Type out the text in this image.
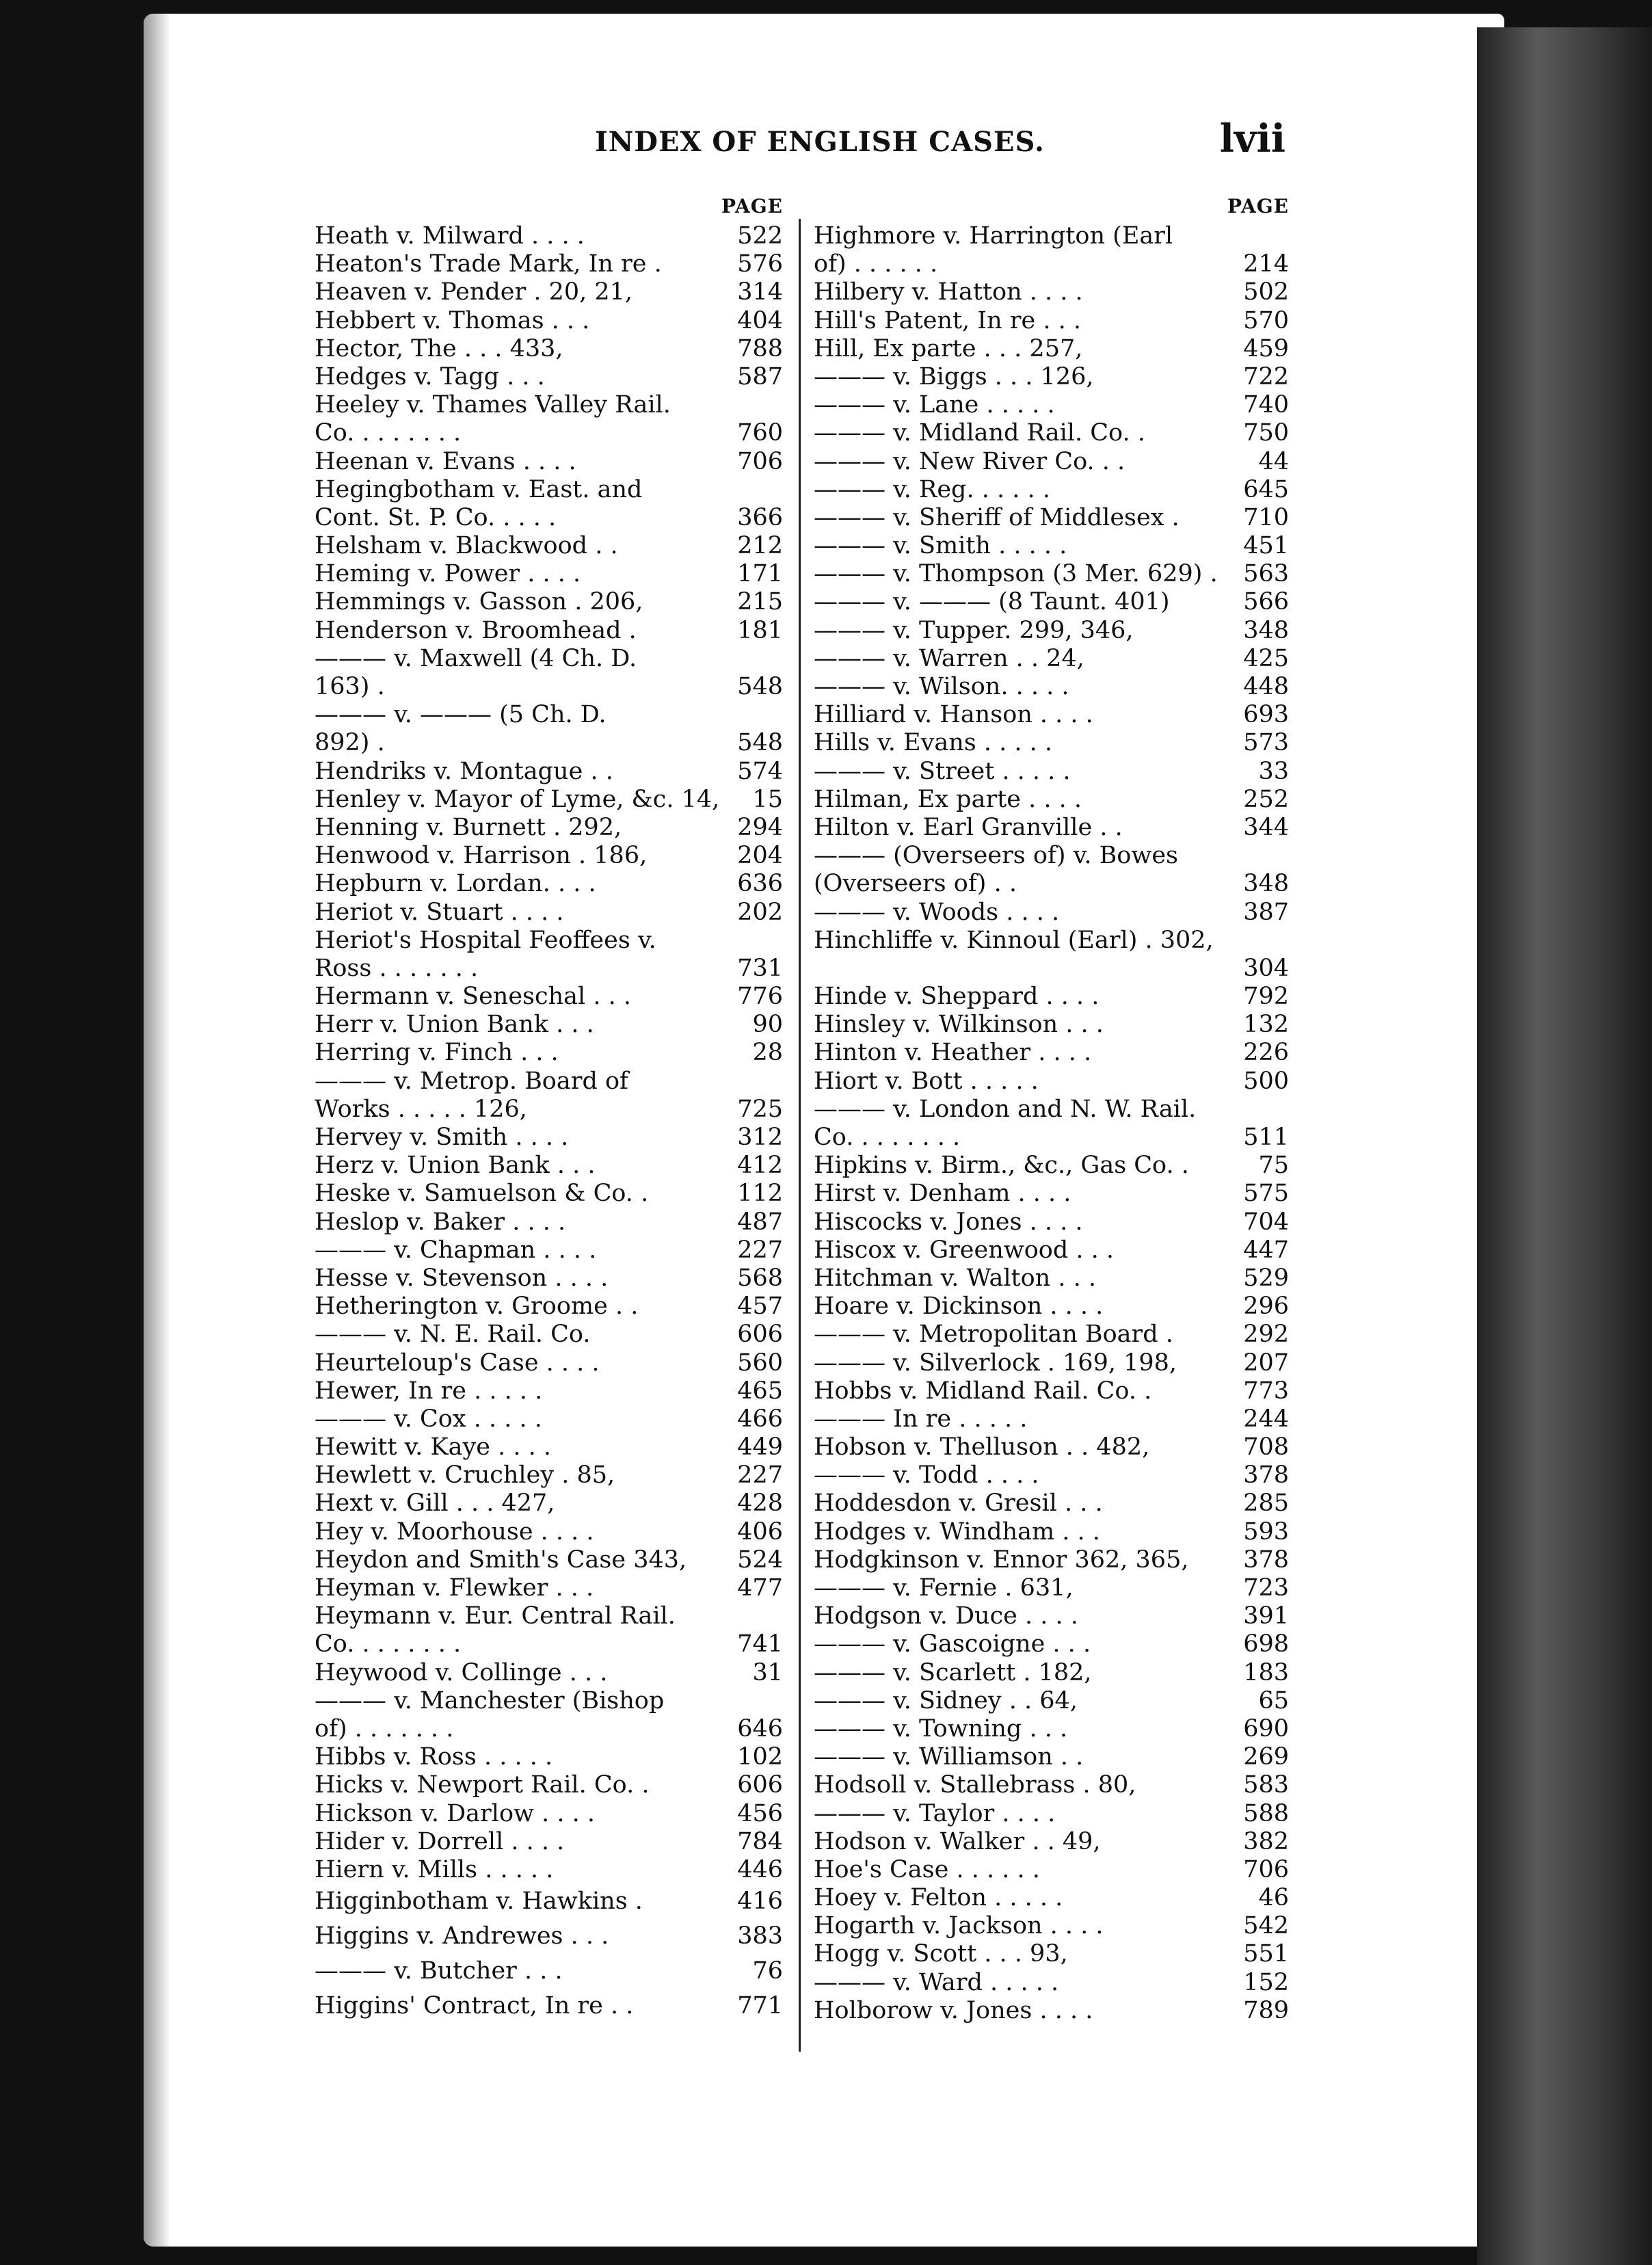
INDEX OF ENGLISH CASES.	lvii
PAGE
Heath v. Milward . . . .	522
Heaton's Trade Mark, In re .	576
Heaven v. Pender . 20, 21,	314
Hebbert v. Thomas . . .	404
Hector, The . . . 433,	788
Hedges v. Tagg . . .	587
Heeley v. Thames Valley Rail.
Co. . . . . . . .	760
Heenan v. Evans . . . .	706
Hegingbotham v. East. and
Cont. St. P. Co. . . . .	366
Helsham v. Blackwood . .	212
Heming v. Power . . . .	171
Hemmings v. Gasson . 206,	215
Henderson v. Broomhead .	181
——— v. Maxwell (4 Ch. D.
163) .	548
——— v. ——— (5 Ch. D.
892) .	548
Hendriks v. Montague . .	574
Henley v. Mayor of Lyme, &c. 14, 15
Henning v. Burnett . 292,	294
Henwood v. Harrison . 186,	204
Hepburn v. Lordan. . . .	636
Heriot v. Stuart . . . .	202
Heriot's Hospital Feoffees v.
Ross . . . . . . .	731
Hermann v. Seneschal . . .	776
Herr v. Union Bank . . .	90
Herring v. Finch . . .	28
——— v. Metrop. Board of
Works . . . . . 126,	725
Hervey v. Smith . . . .	312
Herz v. Union Bank . . .	412
Heske v. Samuelson & Co. .	112
Heslop v. Baker . . . .	487
——— v. Chapman . . . .	227
Hesse v. Stevenson . . . .	568
Hetherington v. Groome . .	457
——— v. N. E. Rail. Co.	606
Heurteloup's Case . . . .	560
Hewer, In re . . . . .	465
——— v. Cox . . . . .	466
Hewitt v. Kaye . . . .	449
Hewlett v. Cruchley . 85,	227
Hext v. Gill . . . 427,	428
Hey v. Moorhouse . . . .	406
Heydon and Smith's Case 343, 524
Heyman v. Flewker . . .	477
Heymann v. Eur. Central Rail.
Co. . . . . . . .	741
Heywood v. Collinge . . .	31
——— v. Manchester (Bishop
of) . . . . . . .	646
Hibbs v. Ross . . . . .	102
Hicks v. Newport Rail. Co. .	606
Hickson v. Darlow . . . .	456
Hider v. Dorrell . . . .	784
Hiern v. Mills . . . . .	446
Higginbotham v. Hawkins .	416
Higgins v. Andrewes . . .	383
——— v. Butcher . . .	76
Higgins' Contract, In re . .	771
PAGE
Highmore v. Harrington (Earl
of) . . . . . .	214
Hilbery v. Hatton . . . .	502
Hill's Patent, In re . . .	570
Hill, Ex parte . . . 257,	459
——— v. Biggs . . . 126,	722
——— v. Lane . . . . .	740
——— v. Midland Rail. Co. .	750
——— v. New River Co. . .	44
——— v. Reg. . . . . .	645
——— v. Sheriff of Middlesex .	710
——— v. Smith . . . . .	451
——— v. Thompson (3 Mer. 629) . 563
——— v. ——— (8 Taunt. 401)	566
——— v. Tupper. 299, 346,	348
——— v. Warren . . 24,	425
——— v. Wilson. . . . .	448
Hilliard v. Hanson . . . .	693
Hills v. Evans . . . . .	573
——— v. Street . . . . .	33
Hilman, Ex parte . . . .	252
Hilton v. Earl Granville . .	344
——— (Overseers of) v. Bowes
(Overseers of) . .	348
——— v. Woods . . . .	387
Hinchliffe v. Kinnoul (Earl) . 302,
304
Hinde v. Sheppard . . . .	792
Hinsley v. Wilkinson . . .	132
Hinton v. Heather . . . .	226
Hiort v. Bott . . . . .	500
——— v. London and N. W. Rail.
Co. . . . . . . .	511
Hipkins v. Birm., &c., Gas Co. .	75
Hirst v. Denham . . . .	575
Hiscocks v. Jones . . . .	704
Hiscox v. Greenwood . . .	447
Hitchman v. Walton . . .	529
Hoare v. Dickinson . . . .	296
——— v. Metropolitan Board .	292
——— v. Silverlock . 169, 198,	207
Hobbs v. Midland Rail. Co. .	773
——— In re . . . . .	244
Hobson v. Thelluson . . 482,	708
——— v. Todd . . . .	378
Hoddesdon v. Gresil . . .	285
Hodges v. Windham . . .	593
Hodgkinson v. Ennor 362, 365, 378
——— v. Fernie . 631,	723
Hodgson v. Duce . . . .	391
——— v. Gascoigne . . .	698
——— v. Scarlett . 182,	183
——— v. Sidney . . 64,	65
——— v. Towning . . .	690
——— v. Williamson . .	269
Hodsoll v. Stallebrass . 80,	583
——— v. Taylor . . . .	588
Hodson v. Walker . . 49,	382
Hoe's Case . . . . . .	706
Hoey v. Felton . . . . .	46
Hogarth v. Jackson . . . .	542
Hogg v. Scott . . . 93,	551
——— v. Ward . . . . .	152
Holborow v. Jones . . . .	789
